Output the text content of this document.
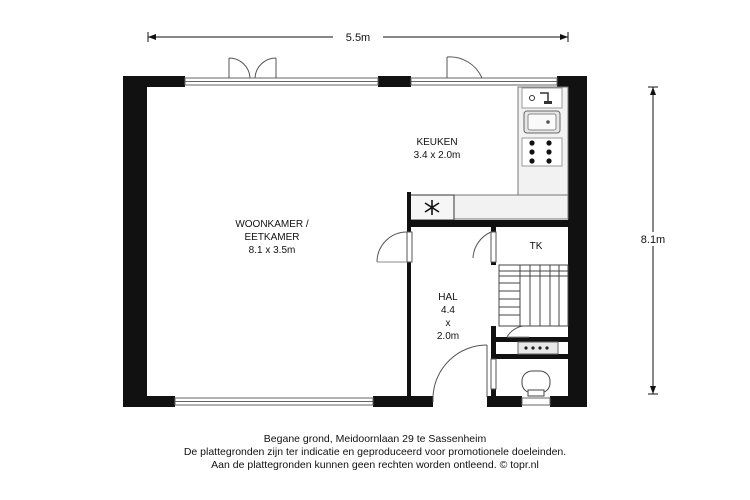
5.5m
8.1m
WOONKAMER /
EETKAMER
8.1 x 3.5m
KEUKEN
3.4 x 2.0m
TK
HAL
4.4
x
2.0m
Begane grond, Meidoornlaan 29 te Sassenheim
De plattegronden zijn ter indicatie en geproduceerd voor promotionele doeleinden.
Aan de plattegronden kunnen geen rechten worden ontleend. © topr.nl
